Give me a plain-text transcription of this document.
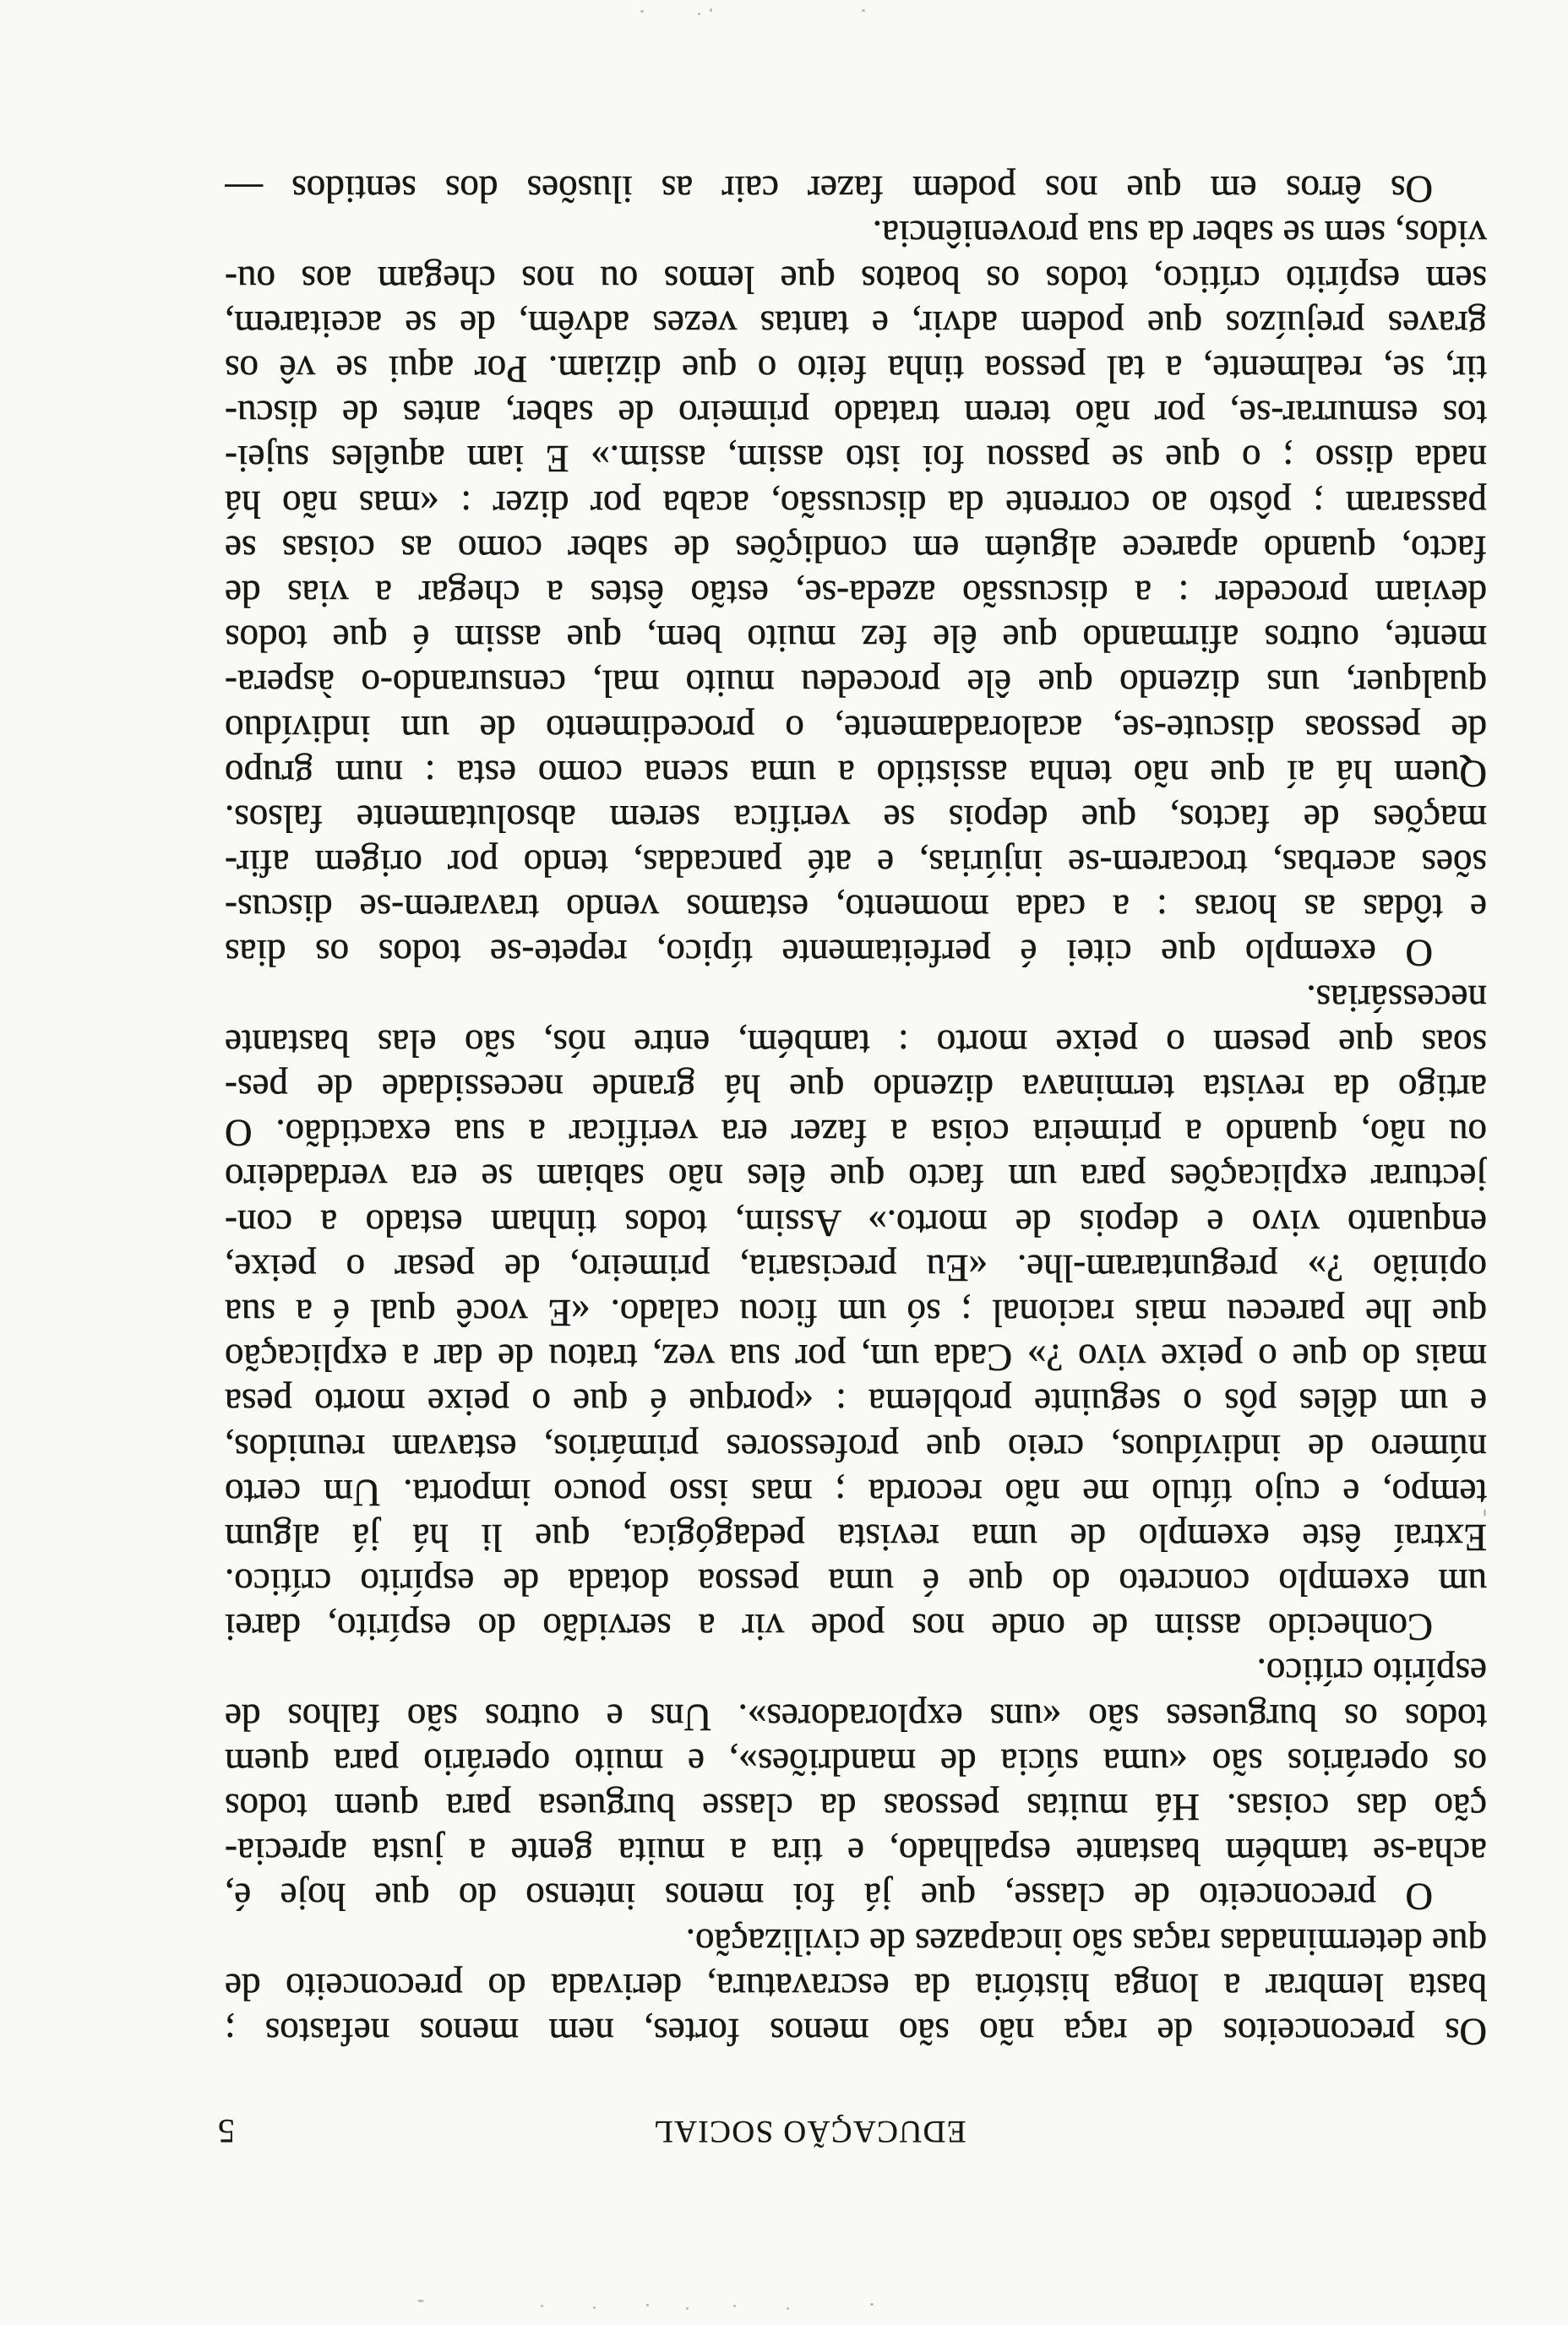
EDUCAÇÃO SOCIAL
5
Os preconceitos de raça não são menos fortes, nem menos nefastos ;
basta lembrar a longa história da escravatura, derivada do preconceito de
que determinadas raças são incapazes de civilização.
O preconceito de classe, que já foi menos intenso do que hoje é,
acha-se também bastante espalhado, e tira a muita gente a justa aprecia-
ção das coisas. Há muitas pessoas da classe burguesa para quem todos
os operários são «uma súcia de mandriões», e muito operário para quem
todos os burgueses são «uns exploradores». Uns e outros são falhos de
espírito crítico.
Conhecido assim de onde nos pode vir a servidão do espírito, darei
um exemplo concreto do que é uma pessoa dotada de espírito crítico.
Extraí êste exemplo de uma revista pedagógica, que li há já algum
tempo, e cujo título me não recorda ; mas isso pouco importa. Um certo
número de indivíduos, creio que professores primários, estavam reunidos,
e um dêles pôs o seguinte problema : «porque é que o peixe morto pesa
mais do que o peixe vivo ?» Cada um, por sua vez, tratou de dar a explicação
que lhe pareceu mais racional ; só um ficou calado. «E você qual é a sua
opinião ?» preguntaram-lhe. «Eu precisaria, primeiro, de pesar o peixe,
enquanto vivo e depois de morto.» Assim, todos tinham estado a con-
jecturar explicações para um facto que êles não sabiam se era verdadeiro
ou não, quando a primeira coisa a fazer era verificar a sua exactidão. O
artigo da revista terminava dizendo que há grande necessidade de pes-
soas que pesem o peixe morto : também, entre nós, são elas bastante
necessárias.
O exemplo que citei é perfeitamente típico, repete-se todos os dias
e tôdas as horas : a cada momento, estamos vendo travarem-se discus-
sões acerbas, trocarem-se injúrias, e até pancadas, tendo por origem afir-
mações de factos, que depois se verifica serem absolutamente falsos.
Quem há aí que não tenha assistido a uma scena como esta : num grupo
de pessoas discute-se, acaloradamente, o procedimento de um indivíduo
qualquer, uns dizendo que êle procedeu muito mal, censurando-o àspera-
mente, outros afirmando que êle fez muito bem, que assim é que todos
deviam proceder : a discussão azeda-se, estão êstes a chegar a vias de
facto, quando aparece alguém em condições de saber como as coisas se
passaram ; pôsto ao corrente da discussão, acaba por dizer : «mas não há
nada disso ; o que se passou foi isto assim, assim.» E iam aquêles sujei-
tos esmurrar-se, por não terem tratado primeiro de saber, antes de discu-
tir, se, realmente, a tal pessoa tinha feito o que diziam. Por aqui se vê os
graves prejuízos que podem advir, e tantas vezes advêm, de se aceitarem,
sem espírito crítico, todos os boatos que lemos ou nos chegam aos ou-
vidos, sem se saber da sua proveniência.
Os êrros em que nos podem fazer cair as ilusões dos sentidos —
